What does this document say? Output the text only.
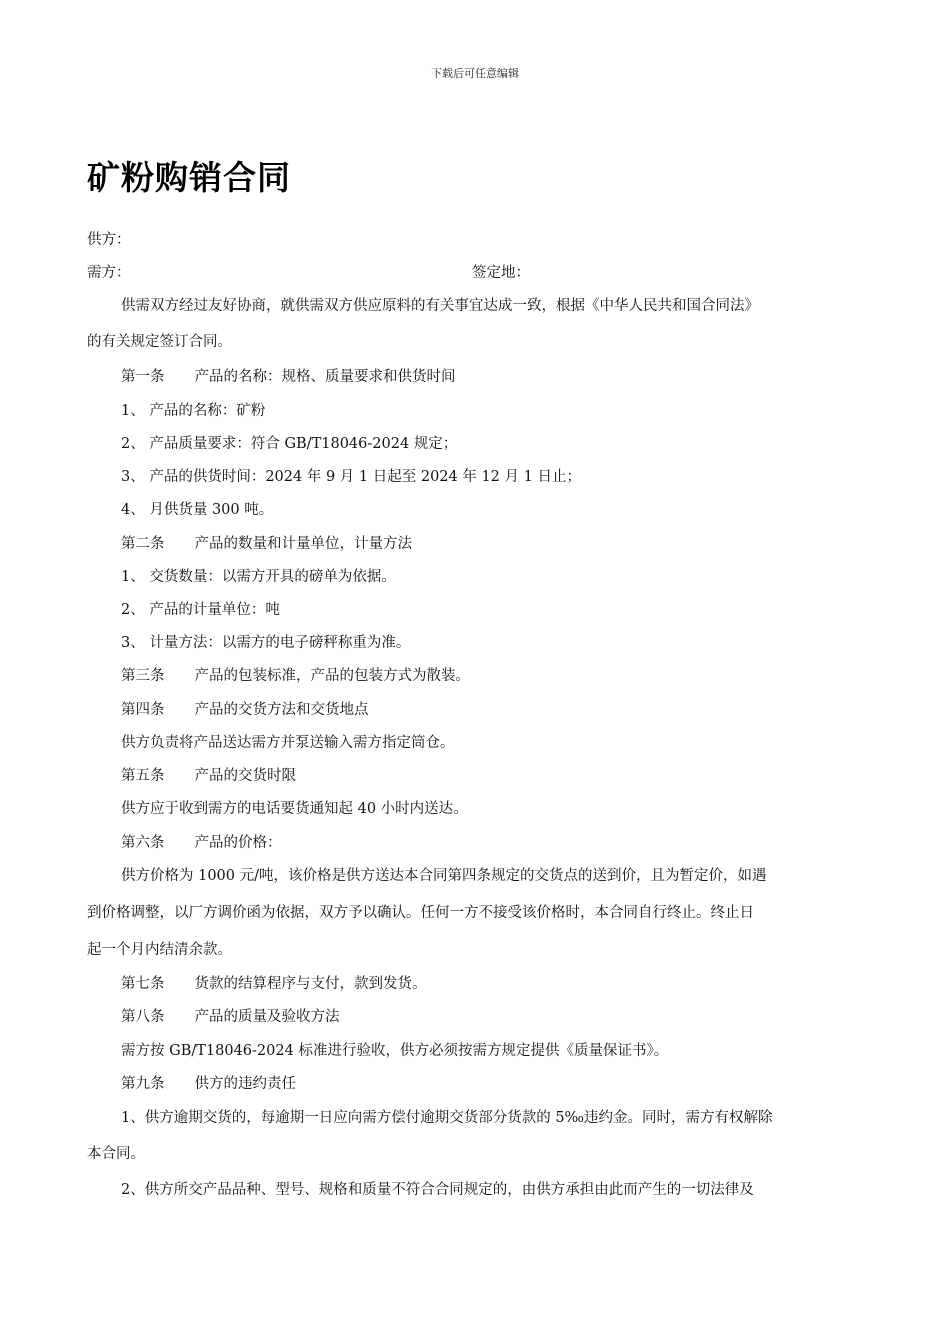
下载后可任意编辑
矿粉购销合同
供方：
需方：	签定地：
供需双方经过友好协商，就供需双方供应原料的有关事宜达成一致，根据《中华人民共和国合同法》
的有关规定签订合同。
第一条 产品的名称：规格、质量要求和供货时间
1、 产品的名称：矿粉
2、 产品质量要求：符合 GB/T18046-2024 规定；
3、 产品的供货时间：2024 年 9 月 1 日起至 2024 年 12 月 1 日止；
4、 月供货量 300 吨。
第二条 产品的数量和计量单位，计量方法
1、 交货数量：以需方开具的磅单为依据。
2、 产品的计量单位：吨
3、 计量方法：以需方的电子磅秤称重为准。
第三条 产品的包装标准，产品的包装方式为散装。
第四条 产品的交货方法和交货地点
供方负责将产品送达需方并泵送输入需方指定筒仓。
第五条 产品的交货时限
供方应于收到需方的电话要货通知起 40 小时内送达。
第六条 产品的价格：
供方价格为 1000 元/吨，该价格是供方送达本合同第四条规定的交货点的送到价，且为暂定价，如遇
到价格调整，以厂方调价函为依据，双方予以确认。任何一方不接受该价格时，本合同自行终止。终止日
起一个月内结清余款。
第七条 货款的结算程序与支付，款到发货。
第八条 产品的质量及验收方法
需方按 GB/T18046-2024 标准进行验收，供方必须按需方规定提供《质量保证书》。
第九条 供方的违约责任
1、供方逾期交货的，每逾期一日应向需方偿付逾期交货部分货款的 5‰违约金。同时，需方有权解除
本合同。
2、供方所交产品品种、型号、规格和质量不符合合同规定的，由供方承担由此而产生的一切法律及
